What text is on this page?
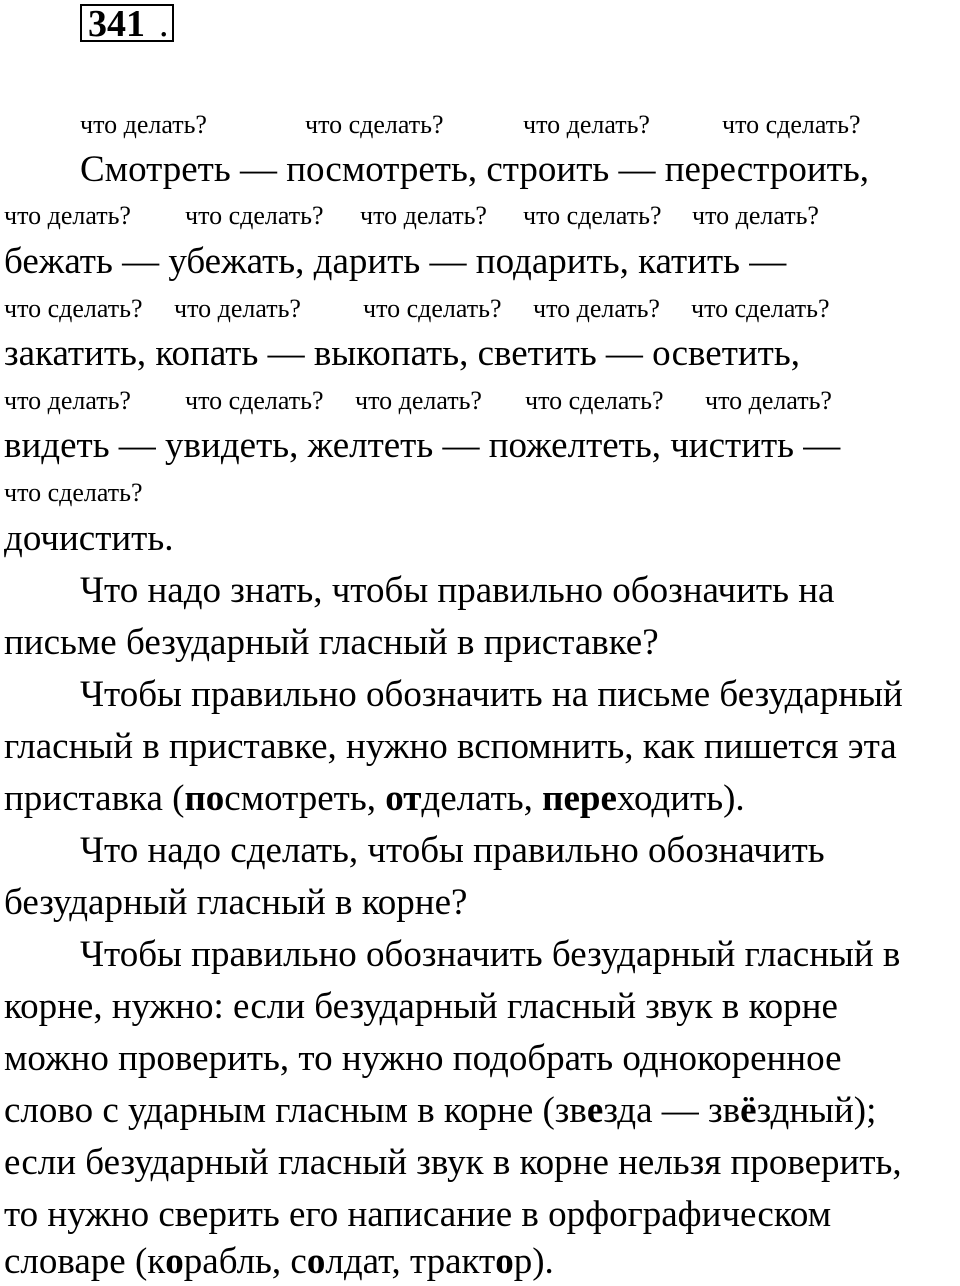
341 .
что делать?	что сделать?	что делать?	что сделать?
Смотреть — посмотреть, строить — перестроить,
что делать? что сделать? что делать? что сделать? что делать?
бежать — убежать, дарить — подарить, катить —
что сделать? что делать? что сделать? что делать? что сделать?
закатить, копать — выкопать, светить — осветить,
что делать? что сделать? что делать? что сделать? что делать?
видеть — увидеть, желтеть — пожелтеть, чистить —
что сделать?
дочистить.
Что надо знать, чтобы правильно обозначить на
письме безударный гласный в приставке?
Чтобы правильно обозначить на письме безударный
гласный в приставке, нужно вспомнить, как пишется эта
приставка (посмотреть, отделать, переходить).
Что надо сделать, чтобы правильно обозначить
безударный гласный в корне?
Чтобы правильно обозначить безударный гласный в
корне, нужно: если безударный гласный звук в корне
можно проверить, то нужно подобрать однокоренное
слово с ударным гласным в корне (звезда — звёздный);
если безударный гласный звук в корне нельзя проверить,
то нужно сверить его написание в орфографическом
словаре (корабль, солдат, трактор).
